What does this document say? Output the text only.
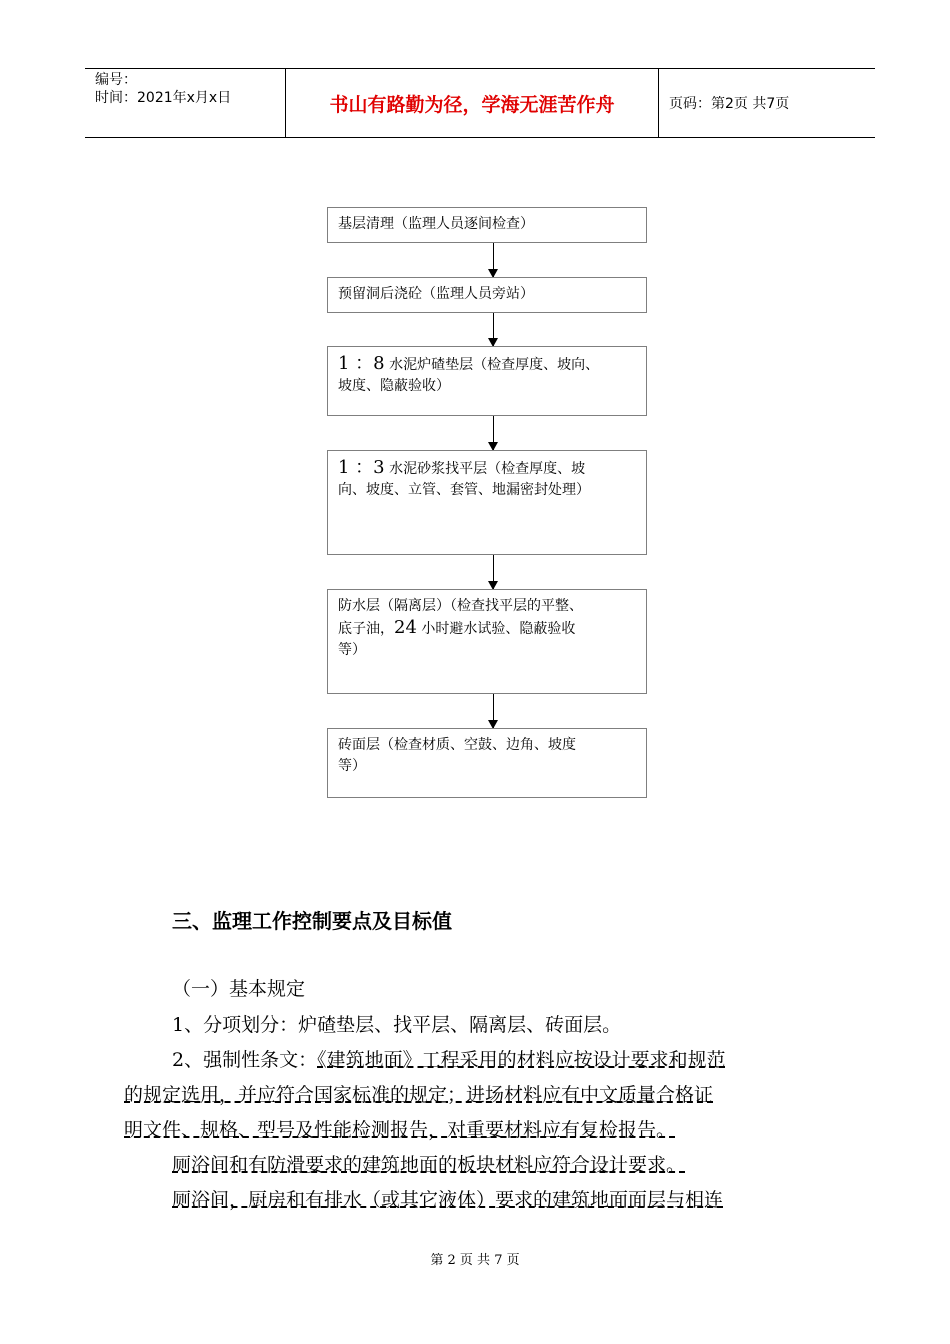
编号：
时间：2021年x月x日	书山有路勤为径，学海无涯苦作舟	页码：第2页 共7页
基层清理（监理人员逐间检查）
预留洞后浇砼（监理人员旁站）
1 ：8 水泥炉碴垫层（检查厚度、坡向、
坡度、隐蔽验收）
1 ：3 水泥砂浆找平层（检查厚度、坡
向、坡度、立管、套管、地漏密封处理）
防水层（隔离层）（检查找平层的平整、
底子油，24 小时避水试验、隐蔽验收
等）
砖面层（检查材质、空鼓、边角、坡度
等）
三、监理工作控制要点及目标值
（一）基本规定
1、分项划分：炉碴垫层、找平层、隔离层、砖面层。
2、强制性条文：《建筑地面》工程采用的材料应按设计要求和规范
的规定选用，并应符合国家标准的规定；进场材料应有中文质量合格证
明文件、规格、型号及性能检测报告，对重要材料应有复检报告。
厕浴间和有防滑要求的建筑地面的板块材料应符合设计要求。
厕浴间，厨房和有排水（或其它液体）要求的建筑地面面层与相连
第 2 页 共 7 页
